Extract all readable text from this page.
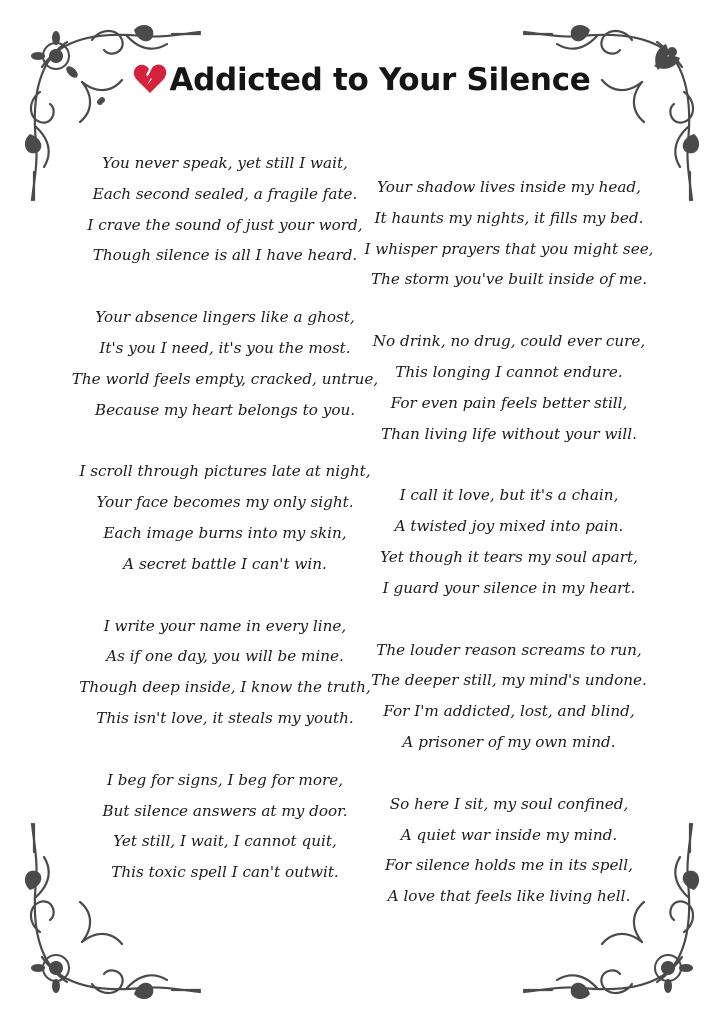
Addicted to Your Silence
You never speak, yet still I wait,
Each second sealed, a fragile fate.
I crave the sound of just your word,
Though silence is all I have heard.
Your absence lingers like a ghost,
It's you I need, it's you the most.
The world feels empty, cracked, untrue,
Because my heart belongs to you.
I scroll through pictures late at night,
Your face becomes my only sight.
Each image burns into my skin,
A secret battle I can't win.
I write your name in every line,
As if one day, you will be mine.
Though deep inside, I know the truth,
This isn't love, it steals my youth.
I beg for signs, I beg for more,
But silence answers at my door.
Yet still, I wait, I cannot quit,
This toxic spell I can't outwit.
Your shadow lives inside my head,
It haunts my nights, it fills my bed.
I whisper prayers that you might see,
The storm you've built inside of me.
No drink, no drug, could ever cure,
This longing I cannot endure.
For even pain feels better still,
Than living life without your will.
I call it love, but it's a chain,
A twisted joy mixed into pain.
Yet though it tears my soul apart,
I guard your silence in my heart.
The louder reason screams to run,
The deeper still, my mind's undone.
For I'm addicted, lost, and blind,
A prisoner of my own mind.
So here I sit, my soul confined,
A quiet war inside my mind.
For silence holds me in its spell,
A love that feels like living hell.
